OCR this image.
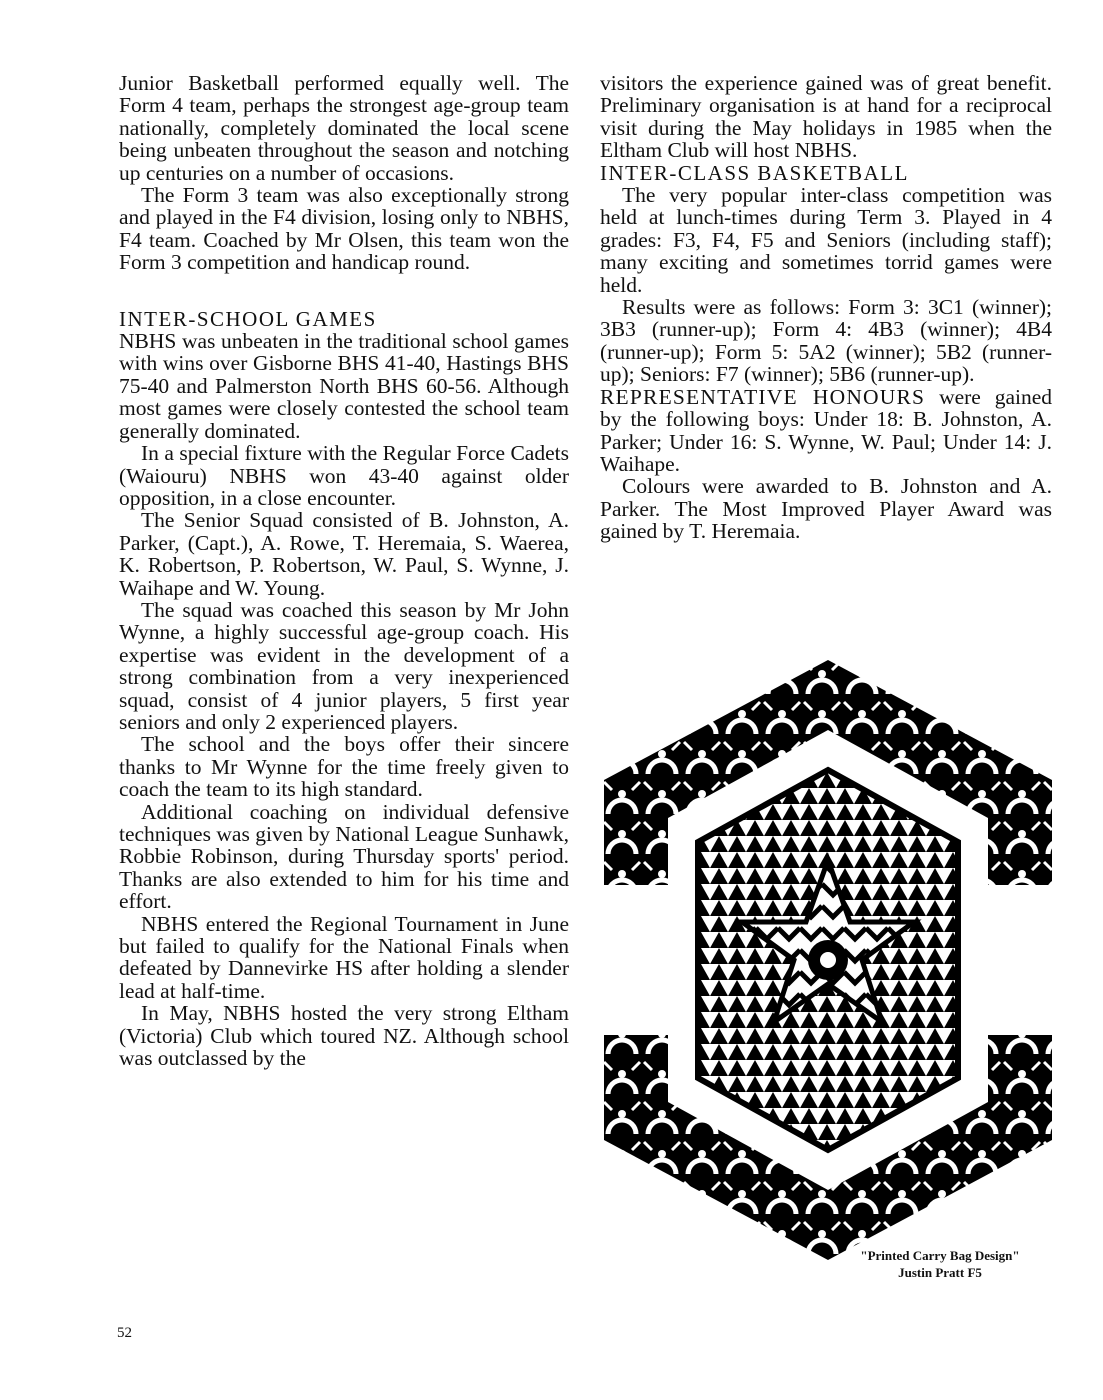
Junior Basketball performed equally well. The Form 4 team, perhaps the strongest age-group team nationally, completely dominated the local scene being unbeaten throughout the season and notching up centuries on a number of occasions.

The Form 3 team was also exceptionally strong and played in the F4 division, losing only to NBHS, F4 team. Coached by Mr Olsen, this team won the Form 3 competition and handicap round.

INTER-SCHOOL GAMES

NBHS was unbeaten in the traditional school games with wins over Gisborne BHS 41-40, Hastings BHS 75-40 and Palmerston North BHS 60-56. Although most games were closely contested the school team generally dominated.

In a special fixture with the Regular Force Cadets (Waiouru) NBHS won 43-40 against older opposition, in a close encounter.

The Senior Squad consisted of B. Johnston, A. Parker, (Capt.), A. Rowe, T. Heremaia, S. Waerea, K. Robertson, P. Robertson, W. Paul, S. Wynne, J. Waihape and W. Young.

The squad was coached this season by Mr John Wynne, a highly successful age-group coach. His expertise was evident in the development of a strong combination from a very inexperienced squad, consist of 4 junior players, 5 first year seniors and only 2 experienced players.

The school and the boys offer their sincere thanks to Mr Wynne for the time freely given to coach the team to its high standard.

Additional coaching on individual defensive techniques was given by National League Sunhawk, Robbie Robinson, during Thursday sports' period. Thanks are also extended to him for his time and effort.

NBHS entered the Regional Tournament in June but failed to qualify for the National Finals when defeated by Dannevirke HS after holding a slender lead at half-time.

In May, NBHS hosted the very strong Eltham (Victoria) Club which toured NZ. Although school was outclassed by the

visitors the experience gained was of great benefit. Preliminary organisation is at hand for a reciprocal visit during the May holidays in 1985 when the Eltham Club will host NBHS.

INTER-CLASS BASKETBALL

The very popular inter-class competition was held at lunch-times during Term 3. Played in 4 grades: F3, F4, F5 and Seniors (including staff); many exciting and sometimes torrid games were held.

Results were as follows: Form 3: 3C1 (winner); 3B3 (runner-up); Form 4: 4B3 (winner); 4B4 (runner-up); Form 5: 5A2 (winner); 5B2 (runner-up); Seniors: F7 (winner); 5B6 (runner-up).

REPRESENTATIVE HONOURS were gained by the following boys: Under 18: B. Johnston, A. Parker; Under 16: S. Wynne, W. Paul; Under 14: J. Waihape.

Colours were awarded to B. Johnston and A. Parker. The Most Improved Player Award was gained by T. Heremaia.

"Printed Carry Bag Design"
Justin Pratt F5
52
